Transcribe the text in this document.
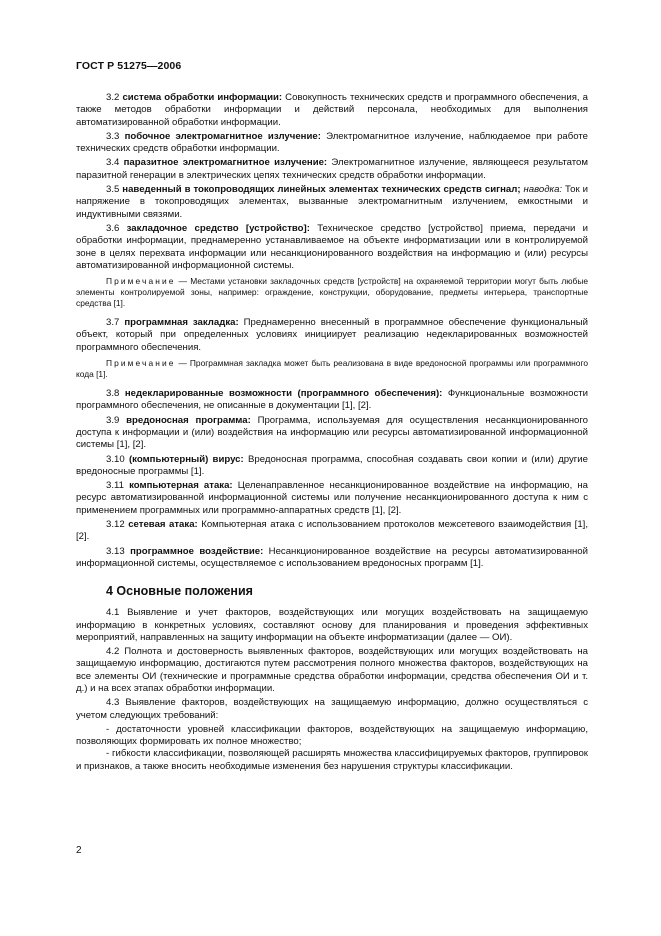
ГОСТ Р 51275—2006

3.2 система обработки информации: Совокупность технических средств и программного обеспечения, а также методов обработки информации и действий персонала, необходимых для выполнения автоматизированной обработки информации.

3.3 побочное электромагнитное излучение: Электромагнитное излучение, наблюдаемое при работе технических средств обработки информации.

3.4 паразитное электромагнитное излучение: Электромагнитное излучение, являющееся результатом паразитной генерации в электрических цепях технических средств обработки информации.

3.5 наведенный в токопроводящих линейных элементах технических средств сигнал; наводка: Ток и напряжение в токопроводящих элементах, вызванные электромагнитным излучением, емкостными и индуктивными связями.

3.6 закладочное средство [устройство]: Техническое средство [устройство] приема, передачи и обработки информации, преднамеренно устанавливаемое на объекте информатизации или в контролируемой зоне в целях перехвата информации или несанкционированного воздействия на информацию и (или) ресурсы автоматизированной информационной системы.

Примечание — Местами установки закладочных средств [устройств] на охраняемой территории могут быть любые элементы контролируемой зоны, например: ограждение, конструкции, оборудование, предметы интерьера, транспортные средства [1].

3.7 программная закладка: Преднамеренно внесенный в программное обеспечение функциональный объект, который при определенных условиях инициирует реализацию недекларированных возможностей программного обеспечения.

Примечание — Программная закладка может быть реализована в виде вредоносной программы или программного кода [1].

3.8 недекларированные возможности (программного обеспечения): Функциональные возможности программного обеспечения, не описанные в документации [1], [2].

3.9 вредоносная программа: Программа, используемая для осуществления несанкционированного доступа к информации и (или) воздействия на информацию или ресурсы автоматизированной информационной системы [1], [2].

3.10 (компьютерный) вирус: Вредоносная программа, способная создавать свои копии и (или) другие вредоносные программы [1].

3.11 компьютерная атака: Целенаправленное несанкционированное воздействие на информацию, на ресурс автоматизированной информационной системы или получение несанкционированного доступа к ним с применением программных или программно-аппаратных средств [1], [2].

3.12 сетевая атака: Компьютерная атака с использованием протоколов межсетевого взаимодействия [1], [2].

3.13 программное воздействие: Несанкционированное воздействие на ресурсы автоматизированной информационной системы, осуществляемое с использованием вредоносных программ [1].

4 Основные положения

4.1 Выявление и учет факторов, воздействующих или могущих воздействовать на защищаемую информацию в конкретных условиях, составляют основу для планирования и проведения эффективных мероприятий, направленных на защиту информации на объекте информатизации (далее — ОИ).

4.2 Полнота и достоверность выявленных факторов, воздействующих или могущих воздействовать на защищаемую информацию, достигаются путем рассмотрения полного множества факторов, воздействующих на все элементы ОИ (технические и программные средства обработки информации, средства обеспечения ОИ и т. д.) и на всех этапах обработки информации.

4.3 Выявление факторов, воздействующих на защищаемую информацию, должно осуществляться с учетом следующих требований:

- достаточности уровней классификации факторов, воздействующих на защищаемую информацию, позволяющих формировать их полное множество;

- гибкости классификации, позволяющей расширять множества классифицируемых факторов, группировок и признаков, а также вносить необходимые изменения без нарушения структуры классификации.

2
